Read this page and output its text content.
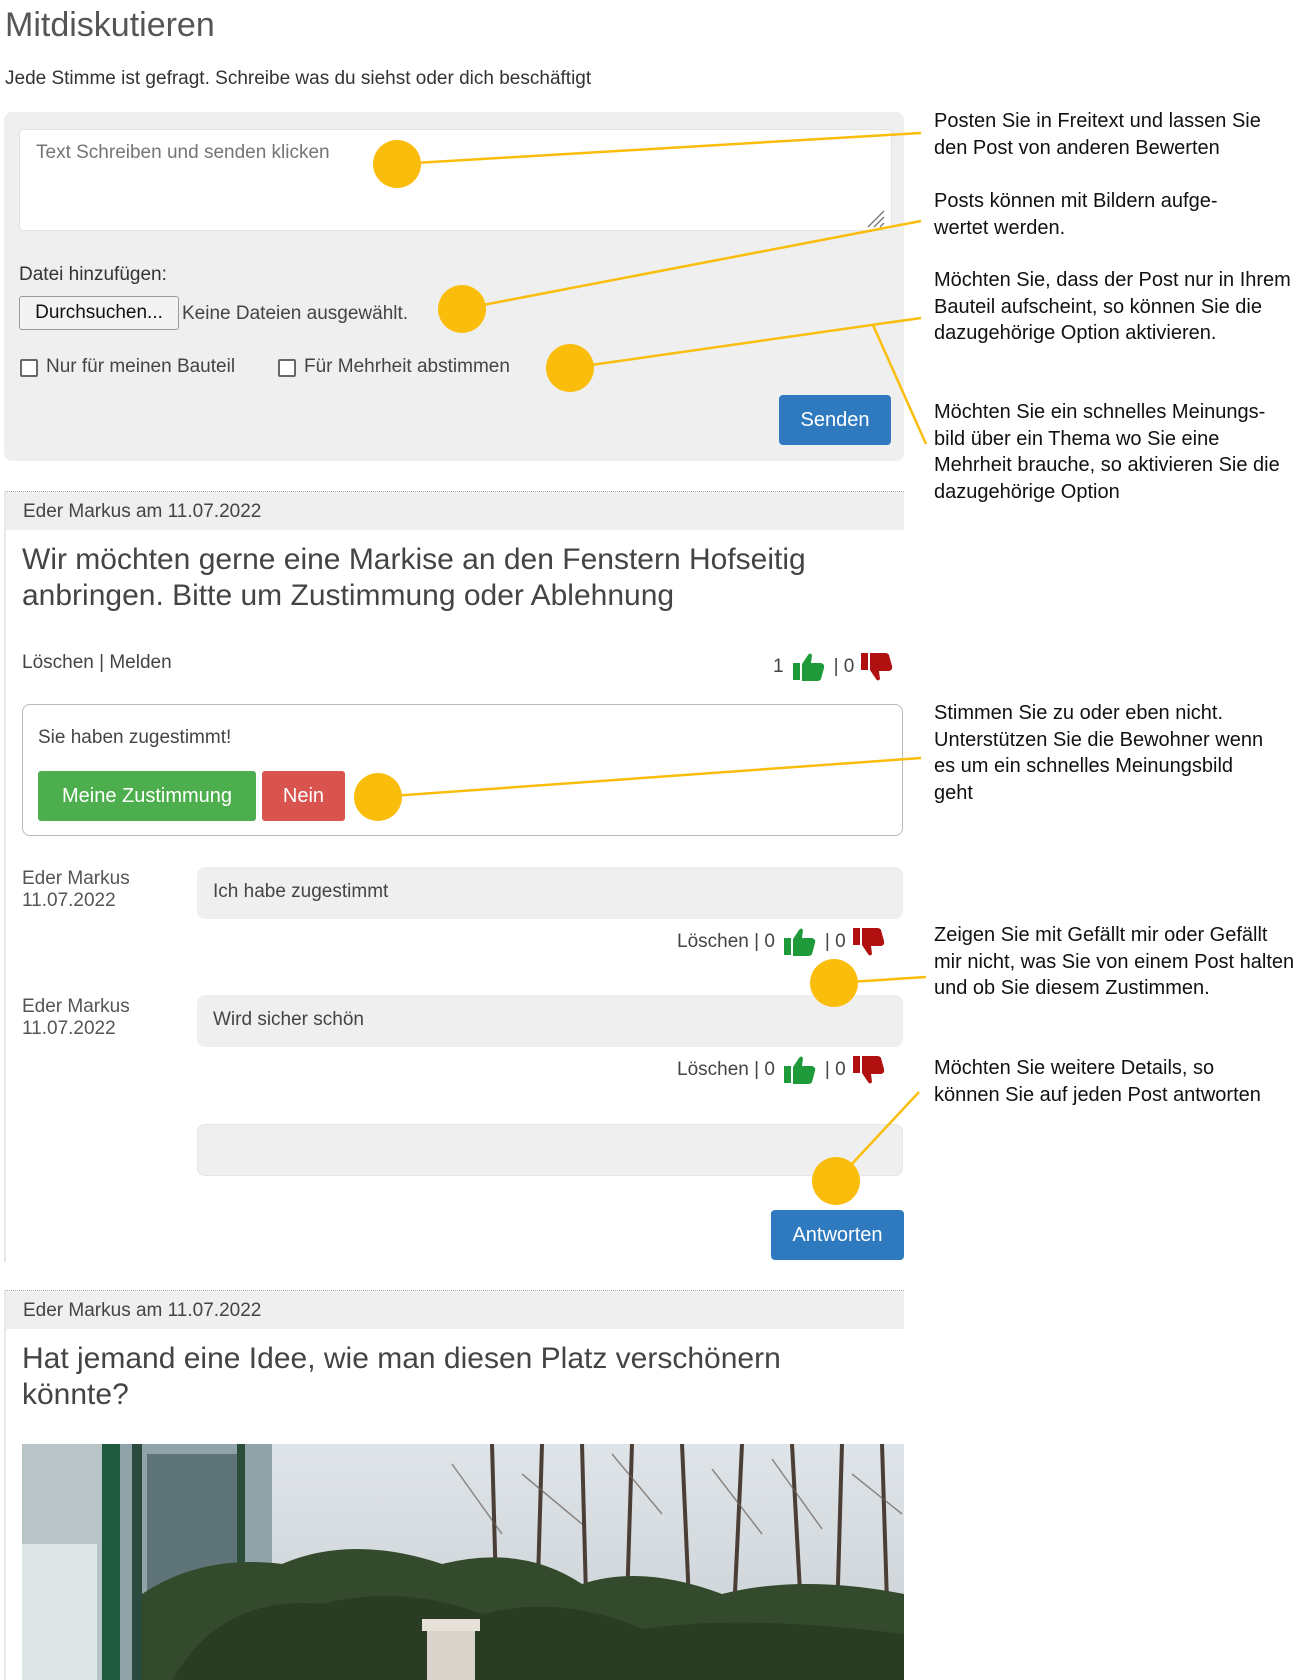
Mitdiskutieren
Jede Stimme ist gefragt. Schreibe was du siehst oder dich beschäftigt
Text Schreiben und senden klicken
Datei hinzufügen:
Durchsuchen...	Keine Dateien ausgewählt.
Nur für meinen Bauteil	Für Mehrheit abstimmen
Senden
Eder Markus am 11.07.2022
Wir möchten gerne eine Markise an den Fenstern Hofseitig anbringen. Bitte um Zustimmung oder Ablehnung
Löschen | Melden	1	| 0
Sie haben zugestimmt!
Meine Zustimmung	Nein
Eder Markus
11.07.2022	Ich habe zugestimmt
Löschen | 0	| 0
Eder Markus
11.07.2022	Wird sicher schön
Löschen | 0	| 0
Antworten
Eder Markus am 11.07.2022
Hat jemand eine Idee, wie man diesen Platz verschönern könnte?
Posten Sie in Freitext und lassen Sie den Post von anderen Bewerten
Posts können mit Bildern aufge-wertet werden.
Möchten Sie, dass der Post nur in Ihrem Bauteil aufscheint, so können Sie die dazugehörige Option aktivieren.
Möchten Sie ein schnelles Meinungs-bild über ein Thema wo Sie eine Mehrheit brauche, so aktivieren Sie die dazugehörige Option
Stimmen Sie zu oder eben nicht. Unterstützen Sie die Bewohner wenn es um ein schnelles Meinungsbild geht
Zeigen Sie mit Gefällt mir oder Gefällt mir nicht, was Sie von einem Post halten und ob Sie diesem Zustimmen.
Möchten Sie weitere Details, so können Sie auf jeden Post antworten
